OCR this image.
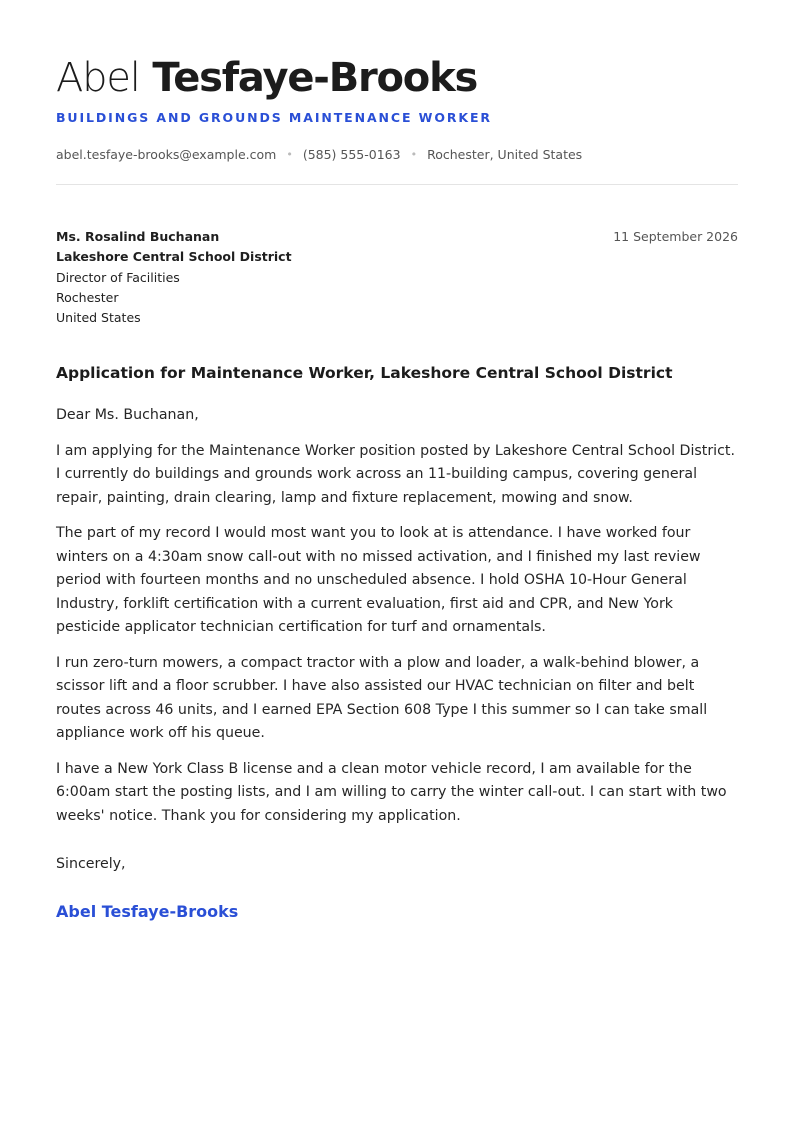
Abel Tesfaye-Brooks
BUILDINGS AND GROUNDS MAINTENANCE WORKER
abel.tesfaye-brooks@example.com • (585) 555-0163 • Rochester, United States
Ms. Rosalind Buchanan
Lakeshore Central School District
Director of Facilities
Rochester
United States
11 September 2026
Application for Maintenance Worker, Lakeshore Central School District

Dear Ms. Buchanan,

I am applying for the Maintenance Worker position posted by Lakeshore Central School District. I currently do buildings and grounds work across an 11-building campus, covering general repair, painting, drain clearing, lamp and fixture replacement, mowing and snow.

The part of my record I would most want you to look at is attendance. I have worked four winters on a 4:30am snow call-out with no missed activation, and I finished my last review period with fourteen months and no unscheduled absence. I hold OSHA 10-Hour General Industry, forklift certification with a current evaluation, first aid and CPR, and New York pesticide applicator technician certification for turf and ornamentals.

I run zero-turn mowers, a compact tractor with a plow and loader, a walk-behind blower, a scissor lift and a floor scrubber. I have also assisted our HVAC technician on filter and belt routes across 46 units, and I earned EPA Section 608 Type I this summer so I can take small appliance work off his queue.

I have a New York Class B license and a clean motor vehicle record, I am available for the 6:00am start the posting lists, and I am willing to carry the winter call-out. I can start with two weeks' notice. Thank you for considering my application.

Sincerely,
Abel Tesfaye-Brooks
